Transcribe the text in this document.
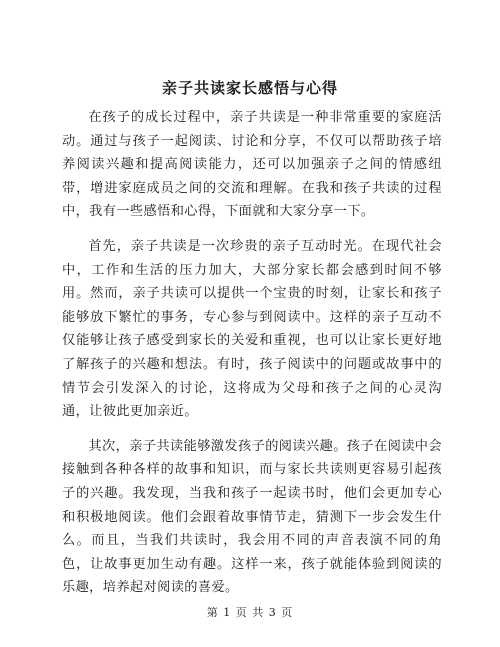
亲子共读家长感悟与心得

在孩子的成长过程中，亲子共读是一种非常重要的家庭活动。通过与孩子一起阅读、讨论和分享，不仅可以帮助孩子培养阅读兴趣和提高阅读能力，还可以加强亲子之间的情感纽带，增进家庭成员之间的交流和理解。在我和孩子共读的过程中，我有一些感悟和心得，下面就和大家分享一下。

首先，亲子共读是一次珍贵的亲子互动时光。在现代社会中，工作和生活的压力加大，大部分家长都会感到时间不够用。然而，亲子共读可以提供一个宝贵的时刻，让家长和孩子能够放下繁忙的事务，专心参与到阅读中。这样的亲子互动不仅能够让孩子感受到家长的关爱和重视，也可以让家长更好地了解孩子的兴趣和想法。有时，孩子阅读中的问题或故事中的情节会引发深入的讨论，这将成为父母和孩子之间的心灵沟通，让彼此更加亲近。

其次，亲子共读能够激发孩子的阅读兴趣。孩子在阅读中会接触到各种各样的故事和知识，而与家长共读则更容易引起孩子的兴趣。我发现，当我和孩子一起读书时，他们会更加专心和积极地阅读。他们会跟着故事情节走，猜测下一步会发生什么。而且，当我们共读时，我会用不同的声音表演不同的角色，让故事更加生动有趣。这样一来，孩子就能体验到阅读的乐趣，培养起对阅读的喜爱。

第 1 页 共 3 页
